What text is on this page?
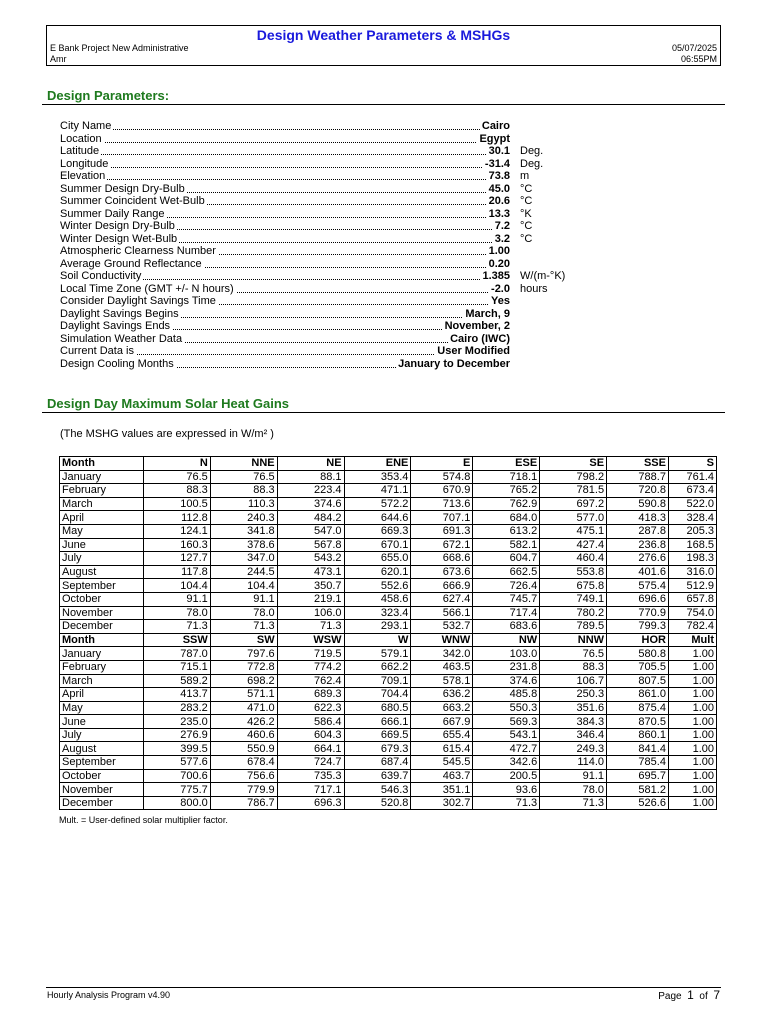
Design Weather Parameters & MSHGs
E Bank Project New Administrative
Amr
05/07/2025
06:55PM
Design Parameters:
City Name	Cairo
Location	Egypt
Latitude	30.1 Deg.
Longitude	-31.4 Deg.
Elevation	73.8 m
Summer Design Dry-Bulb	45.0 °C
Summer Coincident Wet-Bulb	20.6 °C
Summer Daily Range	13.3 °K
Winter Design Dry-Bulb	7.2 °C
Winter Design Wet-Bulb	3.2 °C
Atmospheric Clearness Number	1.00
Average Ground Reflectance	0.20
Soil Conductivity	1.385 W/(m-°K)
Local Time Zone (GMT +/- N hours)	-2.0 hours
Consider Daylight Savings Time	Yes
Daylight Savings Begins	March, 9
Daylight Savings Ends	November, 2
Simulation Weather Data	Cairo (IWC)
Current Data is	User Modified
Design Cooling Months	January to December
Design Day Maximum Solar Heat Gains
(The MSHG values are expressed in W/m² )
Month	N	NNE	NE	ENE	E	ESE	SE	SSE	S
January	76.5	76.5	88.1	353.4	574.8	718.1	798.2	788.7	761.4
February	88.3	88.3	223.4	471.1	670.9	765.2	781.5	720.8	673.4
March	100.5	110.3	374.6	572.2	713.6	762.9	697.2	590.8	522.0
April	112.8	240.3	484.2	644.6	707.1	684.0	577.0	418.3	328.4
May	124.1	341.8	547.0	669.3	691.3	613.2	475.1	287.8	205.3
June	160.3	378.6	567.8	670.1	672.1	582.1	427.4	236.8	168.5
July	127.7	347.0	543.2	655.0	668.6	604.7	460.4	276.6	198.3
August	117.8	244.5	473.1	620.1	673.6	662.5	553.8	401.6	316.0
September	104.4	104.4	350.7	552.6	666.9	726.4	675.8	575.4	512.9
October	91.1	91.1	219.1	458.6	627.4	745.7	749.1	696.6	657.8
November	78.0	78.0	106.0	323.4	566.1	717.4	780.2	770.9	754.0
December	71.3	71.3	71.3	293.1	532.7	683.6	789.5	799.3	782.4
Month	SSW	SW	WSW	W	WNW	NW	NNW	HOR	Mult
January	787.0	797.6	719.5	579.1	342.0	103.0	76.5	580.8	1.00
February	715.1	772.8	774.2	662.2	463.5	231.8	88.3	705.5	1.00
March	589.2	698.2	762.4	709.1	578.1	374.6	106.7	807.5	1.00
April	413.7	571.1	689.3	704.4	636.2	485.8	250.3	861.0	1.00
May	283.2	471.0	622.3	680.5	663.2	550.3	351.6	875.4	1.00
June	235.0	426.2	586.4	666.1	667.9	569.3	384.3	870.5	1.00
July	276.9	460.6	604.3	669.5	655.4	543.1	346.4	860.1	1.00
August	399.5	550.9	664.1	679.3	615.4	472.7	249.3	841.4	1.00
September	577.6	678.4	724.7	687.4	545.5	342.6	114.0	785.4	1.00
October	700.6	756.6	735.3	639.7	463.7	200.5	91.1	695.7	1.00
November	775.7	779.9	717.1	546.3	351.1	93.6	78.0	581.2	1.00
December	800.0	786.7	696.3	520.8	302.7	71.3	71.3	526.6	1.00
Mult. = User-defined solar multiplier factor.
Hourly Analysis Program v4.90	Page 1 of 7
